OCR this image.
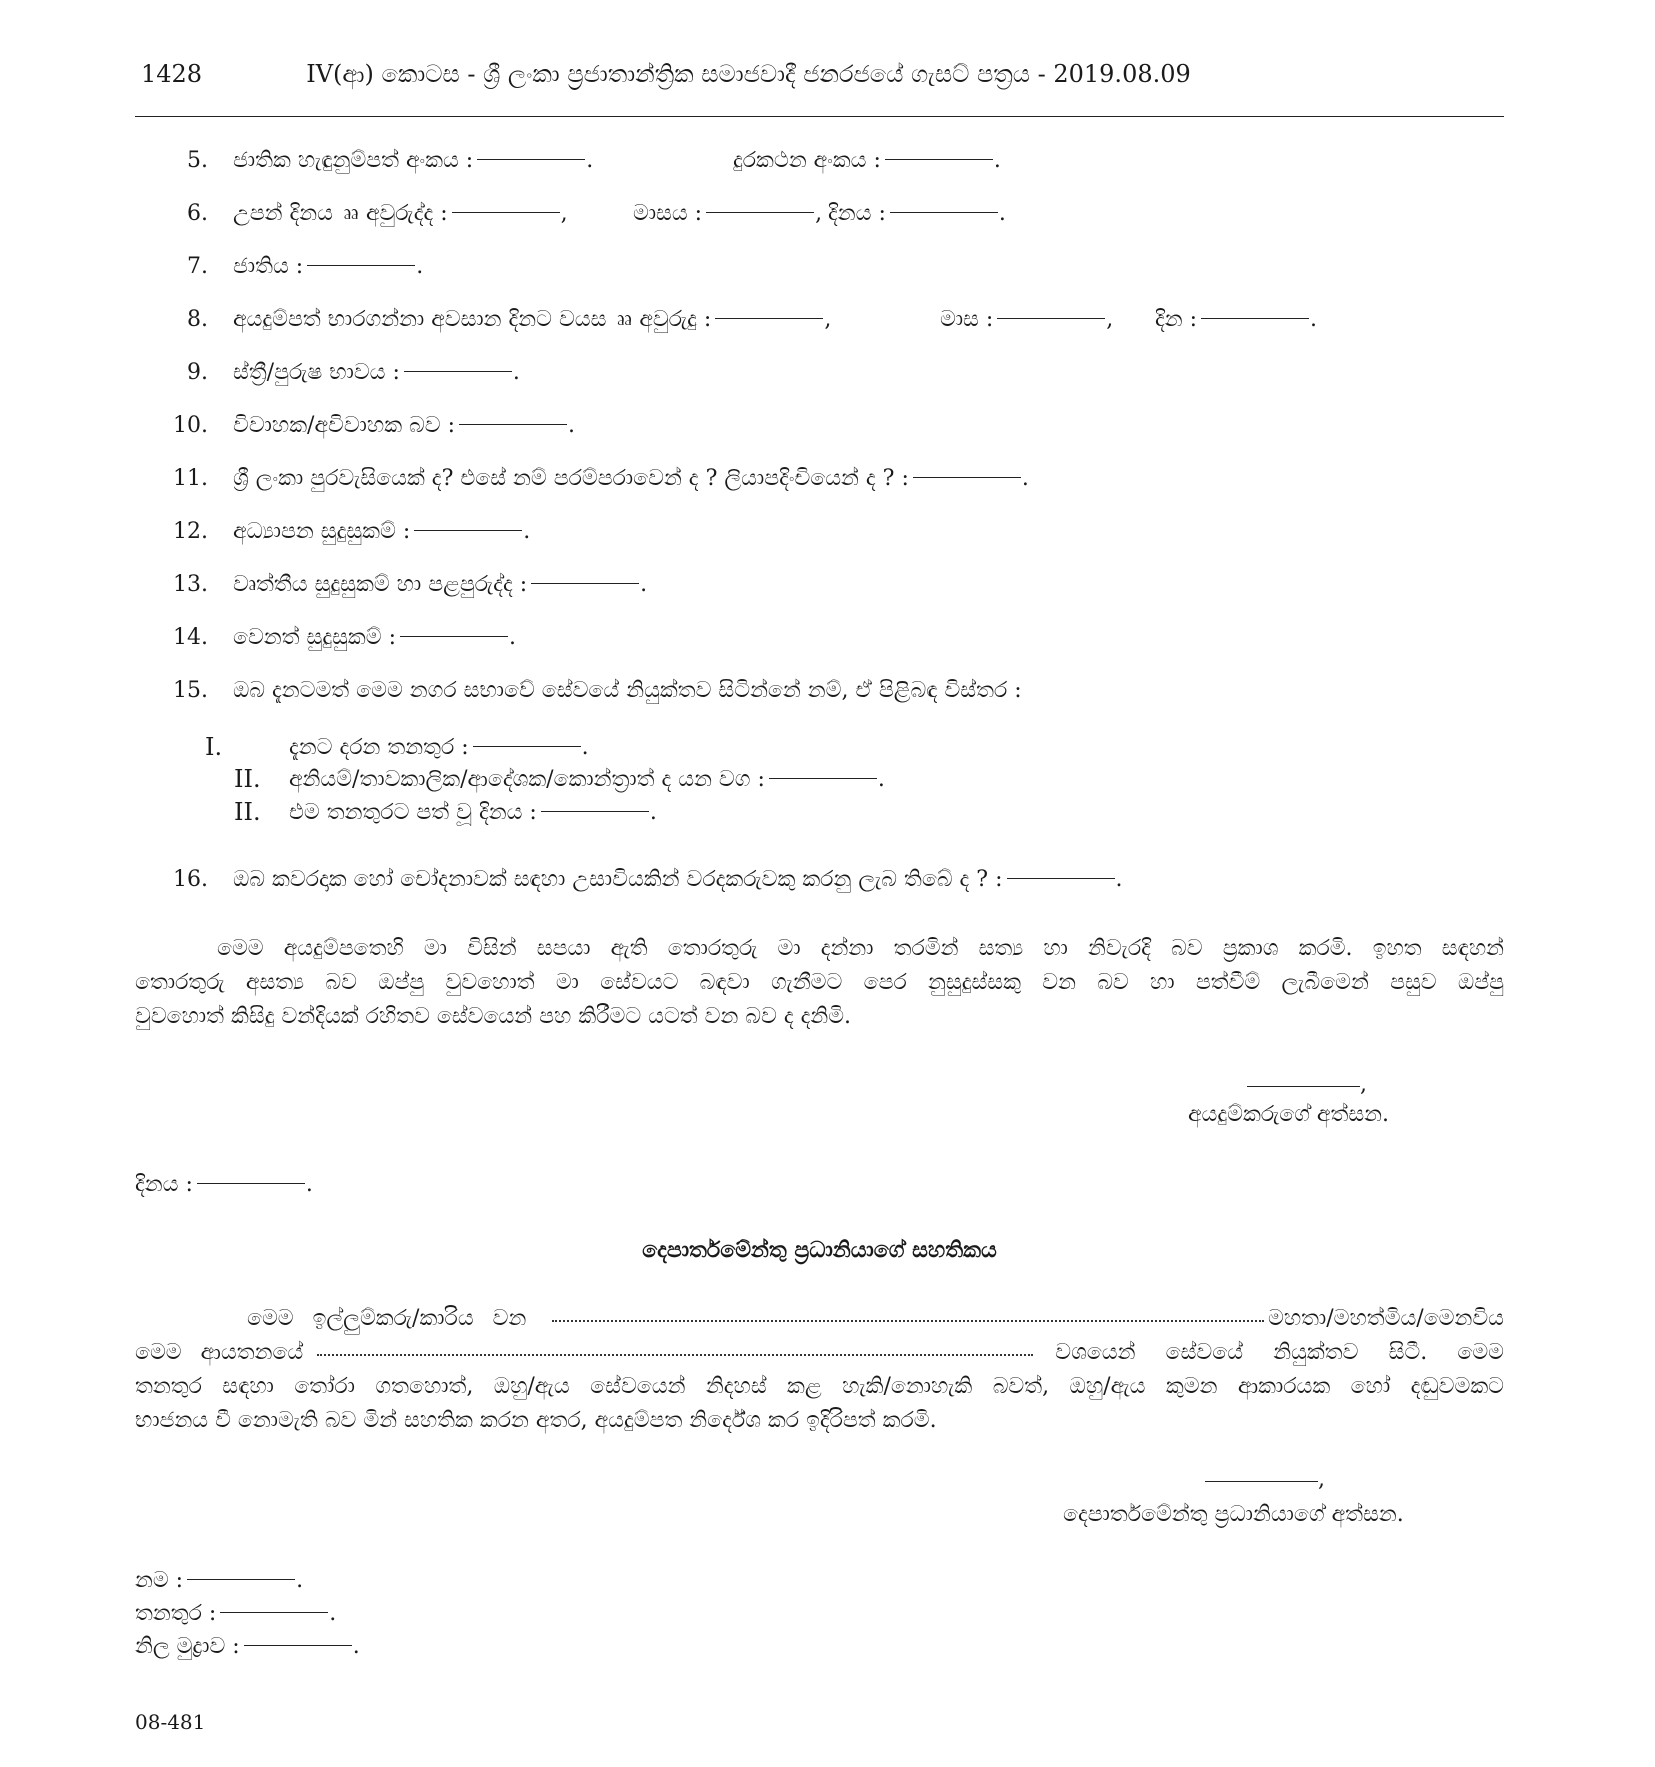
1428	IV(ආ) කොටස - ශ්‍රී ලංකා ප්‍රජාතාන්ත්‍රික සමාජවාදී ජනරජයේ ගැසට් පත්‍රය - 2019.08.09
5. ජාතික හැඳුනුම්පත් අංකය :	.	දුරකථන අංකය :	.
6. උපන් දිනය ෲ අවුරුද්ද :	,	මාසය :	, දිනය :	.
7. ජාතිය :	.
8. අයදුම්පත් භාරගන්නා අවසාන දිනට වයස ෲ අවුරුදු :	,	මාස :	, දින :	.
9. ස්ත්‍රී/පුරුෂ භාවය :	.
10. විවාහක/අවිවාහක බව :	.
11. ශ්‍රී ලංකා පුරවැසියෙක් ද? එසේ නම් පරම්පරාවෙන් ද ? ලියාපදිංචියෙන් ද ? :	.
12. අධ්‍යාපන සුදුසුකම් :	.
13. වෘත්තීය සුදුසුකම් හා පළපුරුද්ද :	.
14. වෙනත් සුදුසුකම් :	.
15. ඔබ දැනටමත් මෙම නගර සභාවේ සේවයේ නියුක්තව සිටින්නේ නම්, ඒ පිළිබඳ විස්තර :
I.	දැනට දරන තනතුර :	.
II.	අනියම්/තාවකාලික/ආදේශක/කොන්ත්‍රාත් ද යන වග :	.
II.	එම තනතුරට පත් වූ දිනය :	.
16. ඔබ කවරදාක හෝ චෝදනාවක් සඳහා උසාවියකින් වරදකරුවකු කරනු ලැබ තිබේ ද ? :	.
මෙම අයදුම්පතෙහි මා විසින් සපයා ඇති තොරතුරු මා දන්නා තරමින් සත්‍ය හා නිවැරදි බව ප්‍රකාශ කරමි. ඉහත සඳහන්
තොරතුරු අසත්‍ය බව ඔප්පු වුවහොත් මා සේවයට බඳවා ගැනීමට පෙර නුසුදුස්සකු වන බව හා පත්වීම් ලැබීමෙන් පසුව ඔප්පු
වුවහොත් කිසිදු වන්දියක් රහිතව සේවයෙන් පහ කිරීමට යටත් වන බව ද දනිමි.
,
අයදුම්කරුගේ අත්සන.
දිනය :	.
දෙපාර්තමේන්තු ප්‍රධානියාගේ සහතිකය
මෙම ඉල්ලුම්කරු/කාරිය වන	මහතා/මහත්මිය/මෙනවිය
මෙම ආයතනයේ	වශයෙන් සේවයේ නියුක්තව සිටී. මෙම
තනතුර සඳහා තෝරා ගතහොත්, ඔහු/ඇය සේවයෙන් නිදහස් කළ හැකි/නොහැකි බවත්, ඔහු/ඇය කුමන ආකාරයක හෝ දඬුවමකට
භාජනය වී නොමැති බව මින් සහතික කරන අතර, අයදුම්පත නිර්දේශ කර ඉදිරිපත් කරමි.
,
දෙපාර්තමේන්තු ප්‍රධානියාගේ අත්සන.
නම :	.
තනතුර :	.
නිල මුද්‍රාව :	.
08-481
